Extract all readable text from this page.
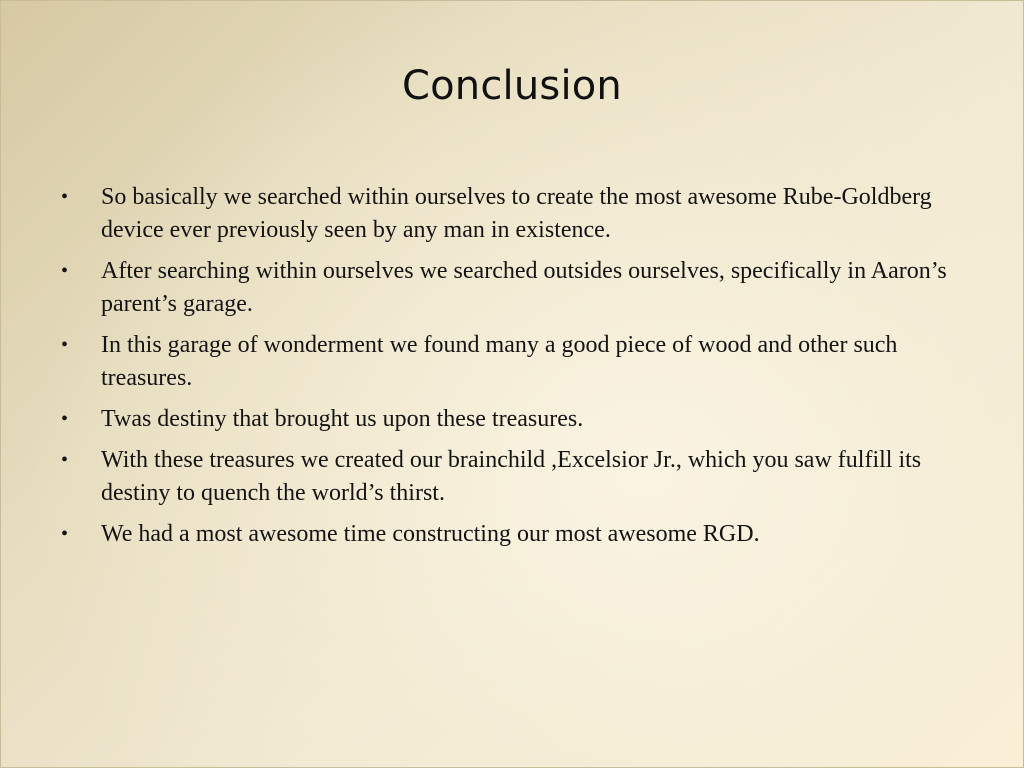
Conclusion
• So basically we searched within ourselves to create the most awesome Rube-Goldberg device ever previously seen by any man in existence.
• After searching within ourselves we searched outsides ourselves, specifically in Aaron’s parent’s garage.
• In this garage of wonderment we found many a good piece of wood and other such treasures.
• Twas destiny that brought us upon these treasures.
• With these treasures we created our brainchild ,Excelsior Jr., which you saw fulfill its destiny to quench the world’s thirst.
• We had a most awesome time constructing our most awesome RGD.
